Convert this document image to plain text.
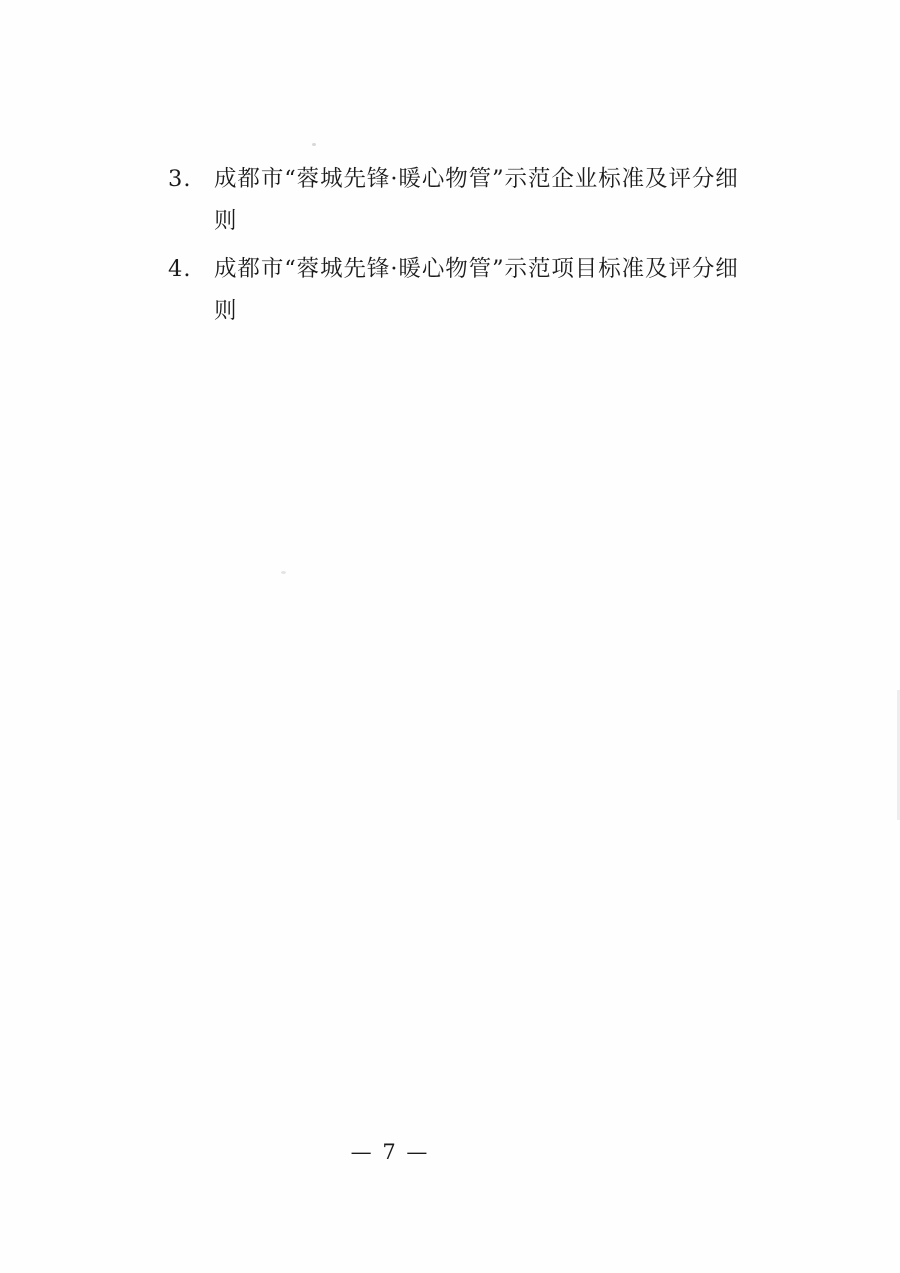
3.	成都市“蓉城先锋·暖心物管”示范企业标准及评分细则
4.	成都市“蓉城先锋·暖心物管”示范项目标准及评分细则
— 7 —
